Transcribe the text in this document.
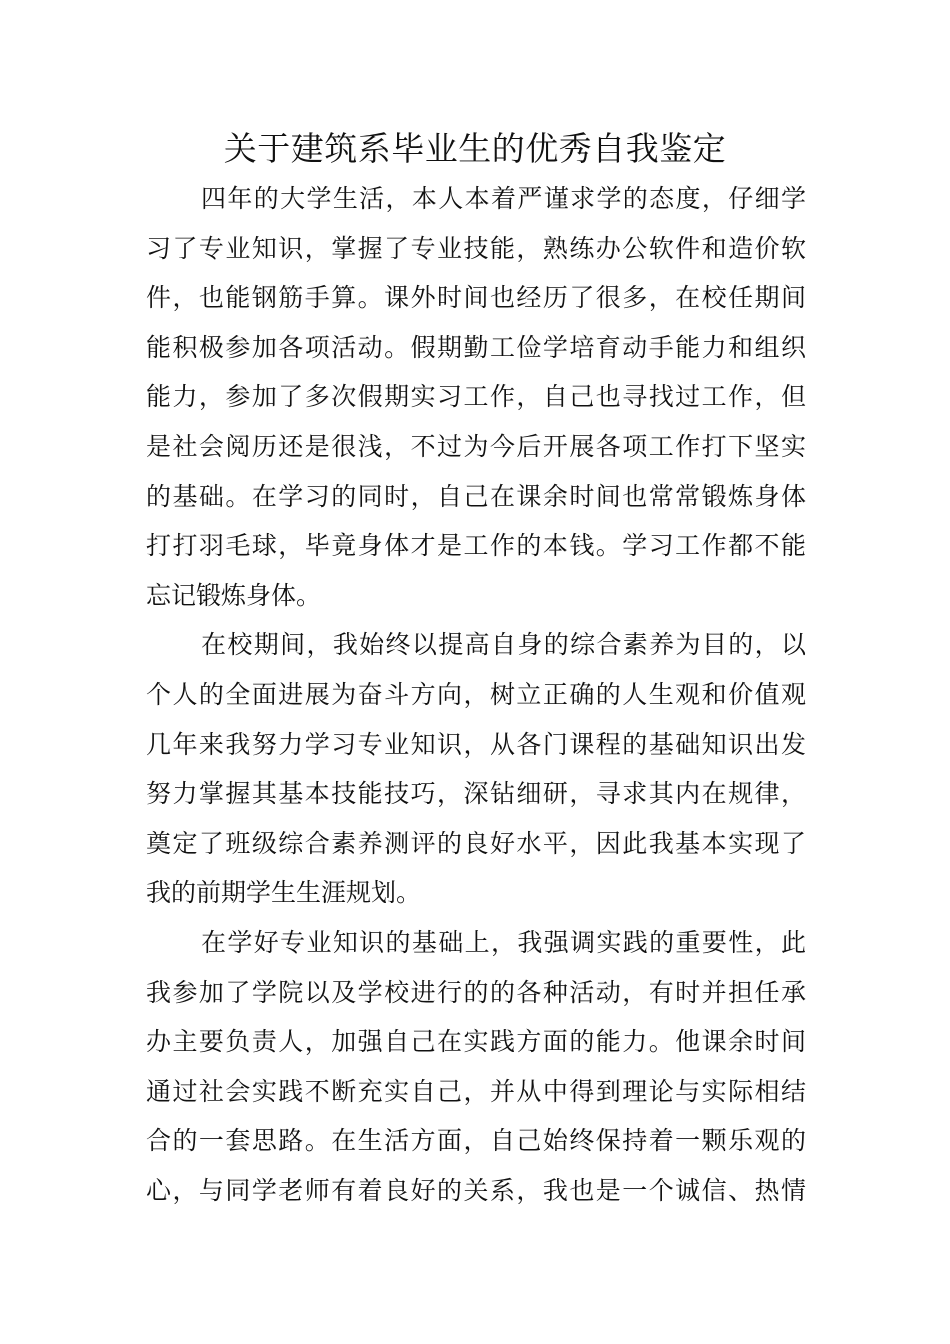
关于建筑系毕业生的优秀自我鉴定
四年的大学生活，本人本着严谨求学的态度，仔细学
习了专业知识，掌握了专业技能，熟练办公软件和造价软
件，也能钢筋手算。课外时间也经历了很多，在校任期间
能积极参加各项活动。假期勤工俭学培育动手能力和组织
能力，参加了多次假期实习工作，自己也寻找过工作，但
是社会阅历还是很浅，不过为今后开展各项工作打下坚实
的基础。在学习的同时，自己在课余时间也常常锻炼身体
打打羽毛球，毕竟身体才是工作的本钱。学习工作都不能
忘记锻炼身体。
在校期间，我始终以提高自身的综合素养为目的，以
个人的全面进展为奋斗方向，树立正确的人生观和价值观
几年来我努力学习专业知识，从各门课程的基础知识出发
努力掌握其基本技能技巧，深钻细研，寻求其内在规律，
奠定了班级综合素养测评的良好水平，因此我基本实现了
我的前期学生生涯规划。
在学好专业知识的基础上，我强调实践的重要性，此
我参加了学院以及学校进行的的各种活动，有时并担任承
办主要负责人，加强自己在实践方面的能力。他课余时间
通过社会实践不断充实自己，并从中得到理论与实际相结
合的一套思路。在生活方面，自己始终保持着一颗乐观的
心，与同学老师有着良好的关系，我也是一个诚信、热情
